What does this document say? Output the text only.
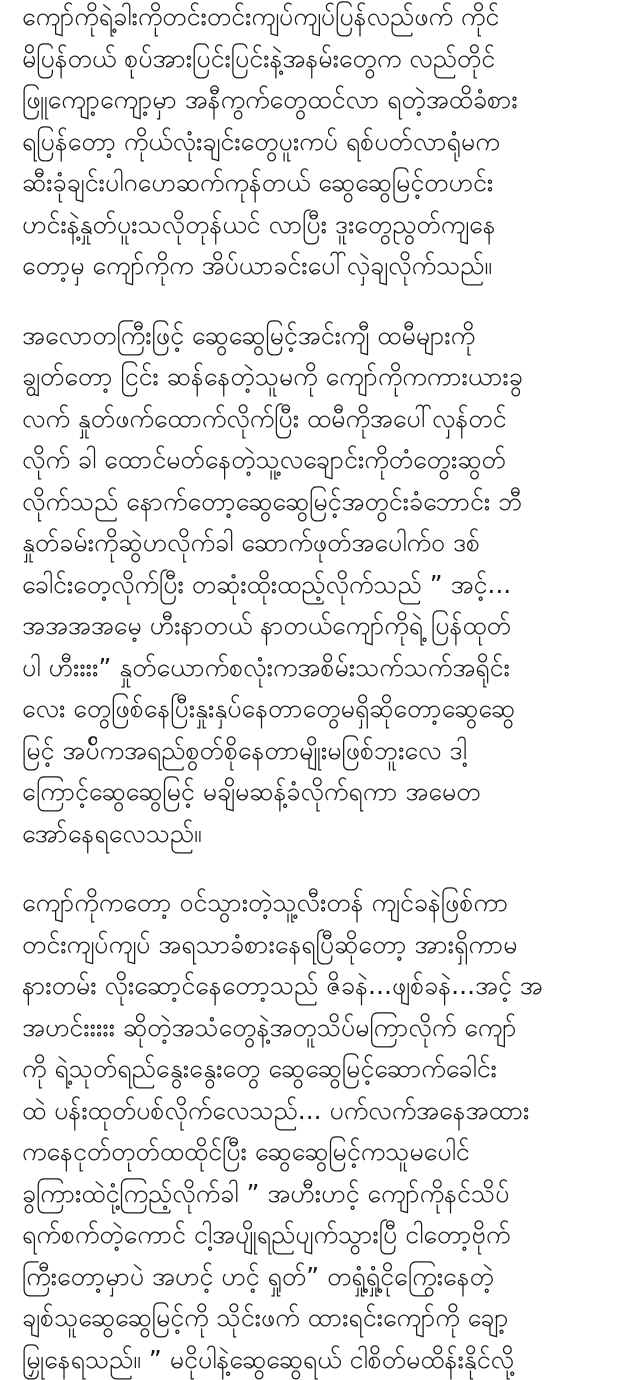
ကျော်ကိုရဲ့ခါးကိုတင်းတင်းကျပ်ကျပ်ပြန်လည်ဖက် ကိုင်
မိပြန်တယ် စုပ်အားပြင်းပြင်းနဲ့အနမ်းတွေက လည်တိုင်
ဖြူကျော့ကျော့မှာ အနီကွက်တွေထင်လာ ရတဲ့အထိခံစား
ရပြန်တော့ ကိုယ်လုံးချင်းတွေပူးကပ် ရစ်ပတ်လာရုံမက
ဆီးခုံချင်းပါဂဟေဆက်ကုန်တယ် ဆွေဆွေမြင့်တဟင်း
ဟင်းနဲ့နှုတ်ပူးသလိုတုန်ယင် လာပြီး ဒူးတွေညွတ်ကျနေ
တော့မှ ကျော်ကိုက အိပ်ယာခင်းပေါ်လှဲချလိုက်သည်။
အလောတကြီးဖြင့် ဆွေဆွေမြင့်အင်းကျီ ထမီများကို
ချွတ်တော့ ငြင်း ဆန်နေတဲ့သူမကို ကျော်ကိုကကားယားခွ
လက် နှုတ်ဖက်ထောက်လိုက်ပြီး ထမီကိုအပေါ်လှန်တင်
လိုက် ခါ ထောင်မတ်နေတဲ့သူ့လချောင်းကိုတံတွေးဆွတ်
လိုက်သည် နောက်တော့ဆွေဆွေမြင့်အတွင်းခံဘောင်း ဘီ
နှုတ်ခမ်းကိုဆွဲဟလိုက်ခါ ဆောက်ဖုတ်အပေါက်ဝ ဒစ်
ခေါင်းတေ့လိုက်ပြီး တဆုံးထိုးထည့်လိုက်သည် ” အင့်...
အအအအမေ့ ဟီးနာတယ် နာတယ်ကျော်ကိုရဲ့ ပြန်ထုတ်
ပါ ဟီးးးး” နှုတ်ယောက်စလုံးကအစိမ်းသက်သက်အရိုင်း
လေး တွေဖြစ်နေပြီးနှုးနှပ်နေတာတွေမရှိဆိုတော့ဆွေဆွေ
မြင့် အပ်ိကအရည်စွတ်စိုနေတာမျိုးမဖြစ်ဘူးလေ ဒါ့
ကြောင့်ဆွေဆွေမြင့် မချိမဆန့်ခံလိုက်ရကာ အမေတ
အော်နေရလေသည်။
ကျော်ကိုကတော့ ဝင်သွားတဲ့သူ့လီးတန် ကျင်ခနဲဖြစ်ကာ
တင်းကျပ်ကျပ် အရသာခံစားနေရပြီဆိုတော့ အားရှိကာမ
နားတမ်း လိုးဆော့င်နေတော့သည် ဇိခနဲ...ဖျစ်ခနဲ...အင့် အ
အဟင်းးးးး ဆိုတဲ့အသံတွေနဲ့အတူသိပ်မကြာလိုက် ကျော်
ကို ရဲ့သုတ်ရည်နွေးနွေးတွေ ဆွေဆွေမြင့်ဆောက်ခေါင်း
ထဲ ပန်းထုတ်ပစ်လိုက်လေသည်... ပက်လက်အနေအထား
ကနေငုတ်တုတ်ထထိုင်ပြီး ဆွေဆွေမြင့်ကသူမပေါင်
ခွကြားထဲငုံ့ကြည့်လိုက်ခါ ” အဟီးဟင့် ကျော်ကိုနင်သိပ်
ရက်စက်တဲ့ကောင် ငါ့အပျိုရည်ပျက်သွားပြီ ငါတော့ဗိုက်
ကြီးတော့မှာပဲ အဟင့် ဟင့် ရှုတ်” တရှုံ့ရှုံ့ငိုကြွေးနေတဲ့
ချစ်သူဆွေဆွေမြင့်ကို သိုင်းဖက် ထားရင်းကျော်ကို ချော့
မြှုနေရသည်။ ” မငိုပါနဲ့ဆွေဆွေရယ် ငါစိတ်မထိန်းနိုင်လို့
